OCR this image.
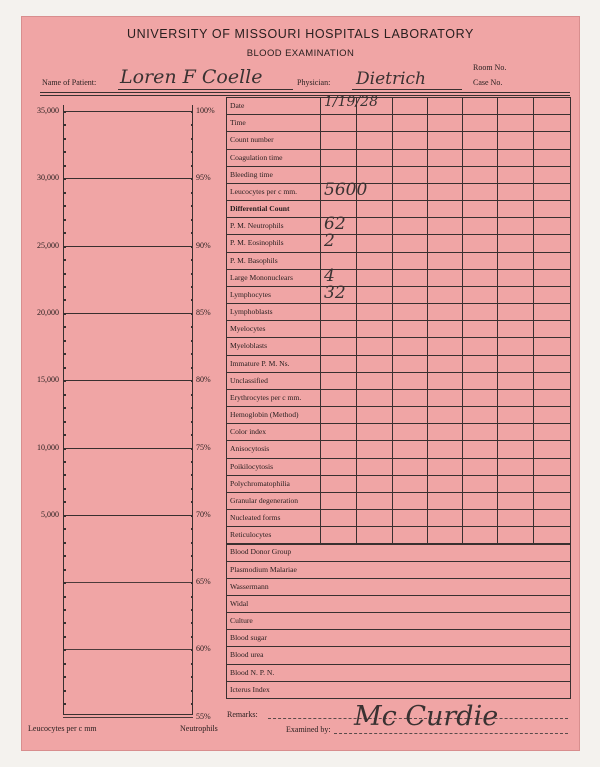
UNIVERSITY OF MISSOURI HOSPITALS LABORATORY
BLOOD EXAMINATION
Name of Patient: Loren F Coelle	Physician: Dietrich
Room No.
Case No.
35,000
30,000
25,000
20,000
15,000
10,000
5,000
100%
95%
90%
85%
80%
75%
70%
65%
60%
55%
Date	1/19/28
Time
Count number
Coagulation time
Bleeding time
Leucocytes per c mm. 5600
Differential Count
P. M. Neutrophils 62
P. M. Eosinophils 2
P. M. Basophils
Large Mononuclears 4
Lymphocytes	32
Lymphoblasts
Myelocytes
Myeloblasts
Immature P. M. Ns.
Unclassified
Erythrocytes per c mm.
Hemoglobin (Method)
Color index
Anisocytosis
Poikilocytosis
Polychromatophilia
Granular degeneration
Nucleated forms
Reticulocytes
Blood Donor Group
Plasmodium Malariae
Wassermann
Widal
Culture
Blood sugar
Blood urea
Blood N. P. N.
Icterus Index
Leucocytes per c mm	Neutrophils
Remarks:
Examined by: Mc Curdie
